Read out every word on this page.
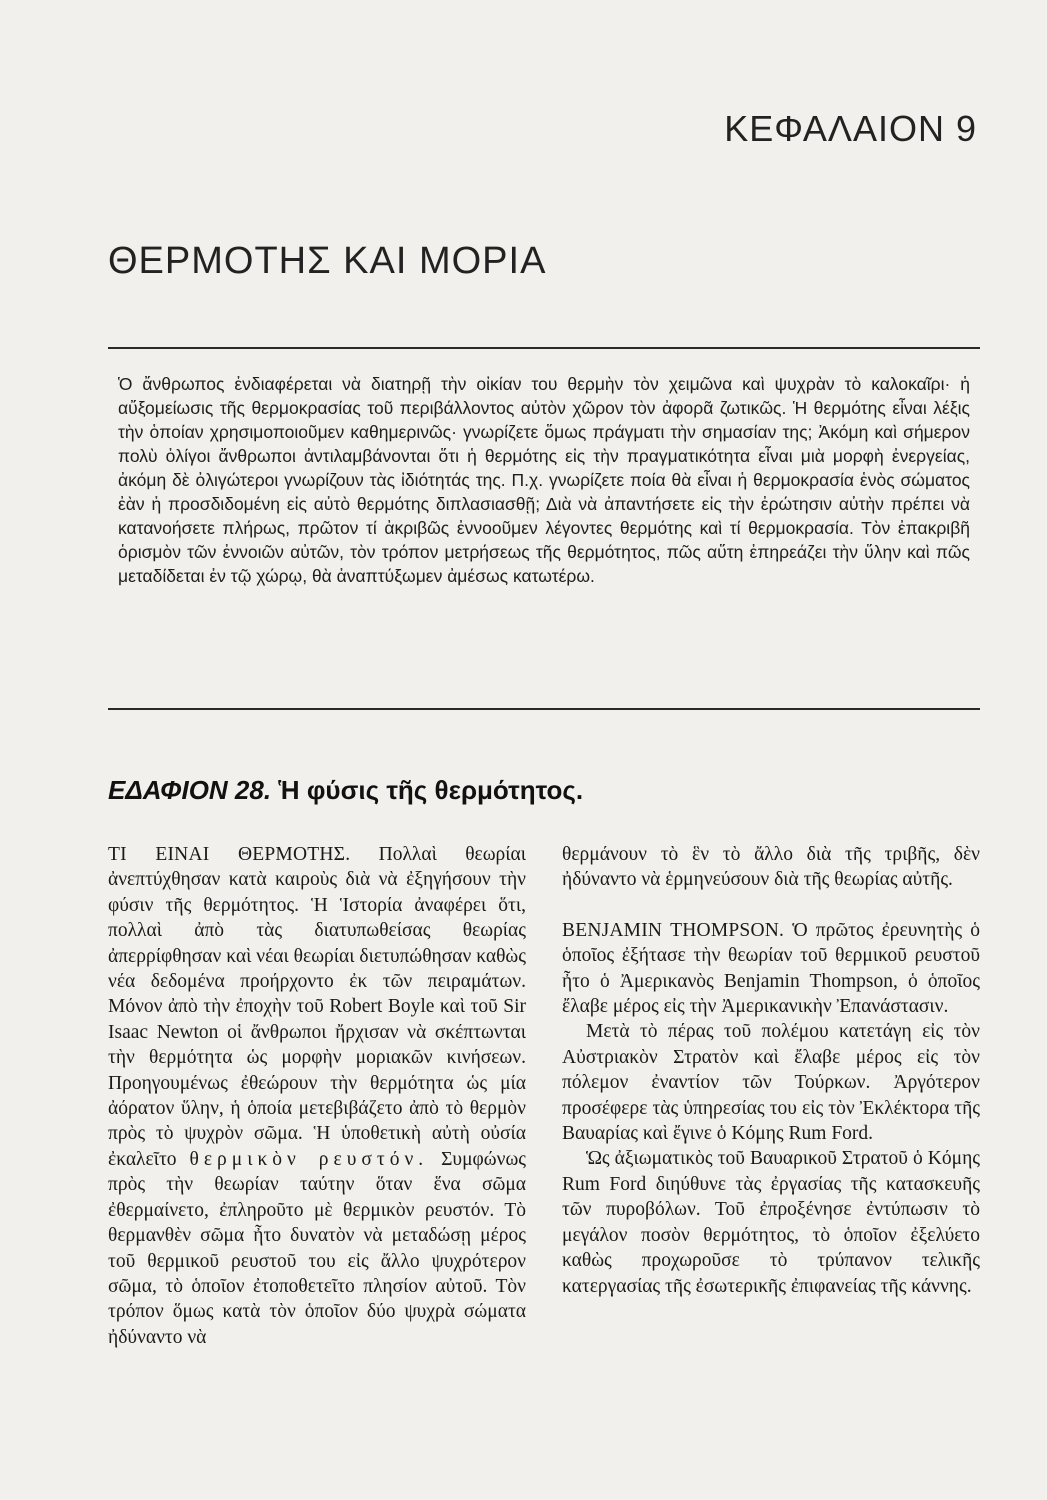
ΚΕΦΑΛΑΙΟΝ 9
ΘΕΡΜΟΤΗΣ ΚΑΙ ΜΟΡΙΑ

Ὁ ἄνθρωπος ἐνδιαφέρεται νὰ διατηρῇ τὴν οἰκίαν του θερμὴν τὸν χειμῶνα καὶ ψυχρὰν τὸ καλοκαῖρι· ἡ αὔξομείωσις τῆς θερμοκρασίας τοῦ περιβάλλοντος αὐτὸν χῶρον τὸν ἀφορᾶ ζωτικῶς. Ἡ θερμότης εἶναι λέξις τὴν ὁποίαν χρησιμοποιοῦμεν καθημερινῶς· γνωρίζετε ὅμως πράγματι τὴν σημασίαν της; Ἀκόμη καὶ σήμερον πολὺ ὀλίγοι ἄνθρωποι ἀντιλαμβάνονται ὅτι ἡ θερμότης εἰς τὴν πραγματικότητα εἶναι μιὰ μορφὴ ἐνεργείας, ἀκόμη δὲ ὀλιγώτεροι γνωρίζουν τὰς ἰδιότητάς της. Π.χ. γνωρίζετε ποία θὰ εἶναι ἡ θερμοκρασία ἑνὸς σώματος ἐὰν ἡ προσδιδομένη εἰς αὐτὸ θερμότης διπλασιασθῇ; Διὰ νὰ ἀπαντήσετε εἰς τὴν ἐρώτησιν αὐτὴν πρέπει νὰ κατανοήσετε πλήρως, πρῶτον τί ἀκριβῶς ἐννοοῦμεν λέγοντες θερμότης καὶ τί θερμοκρασία. Τὸν ἐπακριβῆ ὁρισμὸν τῶν ἐννοιῶν αὐτῶν, τὸν τρόπον μετρήσεως τῆς θερμότητος, πῶς αὕτη ἐπηρεάζει τὴν ὕλην καὶ πῶς μεταδίδεται ἐν τῷ χώρῳ, θὰ ἀναπτύξωμεν ἀμέσως κατωτέρω.

ΕΔΑΦΙΟΝ 28. Ἡ φύσις τῆς θερμότητος.

ΤΙ ΕΙΝΑΙ ΘΕΡΜΟΤΗΣ. Πολλαὶ θεωρίαι ἀνεπτύχθησαν κατὰ καιροὺς διὰ νὰ ἐξηγήσουν τὴν φύσιν τῆς θερμότητος. Ἡ Ἱστορία ἀναφέρει ὅτι, πολλαὶ ἀπὸ τὰς διατυπωθείσας θεωρίας ἀπερρίφθησαν καὶ νέαι θεωρίαι διετυπώθησαν καθὼς νέα δεδομένα προήρχοντο ἐκ τῶν πειραμάτων. Μόνον ἀπὸ τὴν ἐποχὴν τοῦ Robert Boyle καὶ τοῦ Sir Isaac Newton οἱ ἄνθρωποι ἤρχισαν νὰ σκέπτωνται τὴν θερμότητα ὡς μορφὴν μοριακῶν κινήσεων. Προηγουμένως ἐθεώρουν τὴν θερμότητα ὡς μία ἀόρατον ὕλην, ἡ ὁποία μετεβιβάζετο ἀπὸ τὸ θερμὸν πρὸς τὸ ψυχρὸν σῶμα. Ἡ ὑποθετικὴ αὐτὴ οὐσία ἐκαλεῖτο θερμικὸν ρευστόν. Συμφώνως πρὸς τὴν θεωρίαν ταύτην ὅταν ἕνα σῶμα ἐθερμαίνετο, ἐπληροῦτο μὲ θερμικὸν ρευστόν. Τὸ θερμανθὲν σῶμα ἦτο δυνατὸν νὰ μεταδώσῃ μέρος τοῦ θερμικοῦ ρευστοῦ του εἰς ἄλλο ψυχρότερον σῶμα, τὸ ὁποῖον ἐτοποθετεῖτο πλησίον αὐτοῦ. Τὸν τρόπον ὅμως κατὰ τὸν ὁποῖον δύο ψυχρὰ σώματα ἠδύναντο νὰ

θερμάνουν τὸ ἓν τὸ ἄλλο διὰ τῆς τριβῆς, δὲν ἠδύναντο νὰ ἑρμηνεύσουν διὰ τῆς θεωρίας αὐτῆς.

BENJAMIN THOMPSON. Ὁ πρῶτος ἐρευνητὴς ὁ ὁποῖος ἐξήτασε τὴν θεωρίαν τοῦ θερμικοῦ ρευστοῦ ἦτο ὁ Ἀμερικανὸς Benjamin Thompson, ὁ ὁποῖος ἔλαβε μέρος εἰς τὴν Ἀμερικανικὴν Ἐπανάστασιν.

Μετὰ τὸ πέρας τοῦ πολέμου κατετάγη εἰς τὸν Αὐστριακὸν Στρατὸν καὶ ἔλαβε μέρος εἰς τὸν πόλεμον ἐναντίον τῶν Τούρκων. Ἀργότερον προσέφερε τὰς ὑπηρεσίας του εἰς τὸν Ἐκλέκτορα τῆς Βαυαρίας καὶ ἔγινε ὁ Κόμης Rum Ford.

Ὡς ἀξιωματικὸς τοῦ Βαυαρικοῦ Στρατοῦ ὁ Κόμης Rum Ford διηύθυνε τὰς ἐργασίας τῆς κατασκευῆς τῶν πυροβόλων. Τοῦ ἐπροξένησε ἐντύπωσιν τὸ μεγάλον ποσὸν θερμότητος, τὸ ὁποῖον ἐξελύετο καθὼς προχωροῦσε τὸ τρύπανον τελικῆς κατεργασίας τῆς ἐσωτερικῆς ἐπιφανείας τῆς κάννης.
